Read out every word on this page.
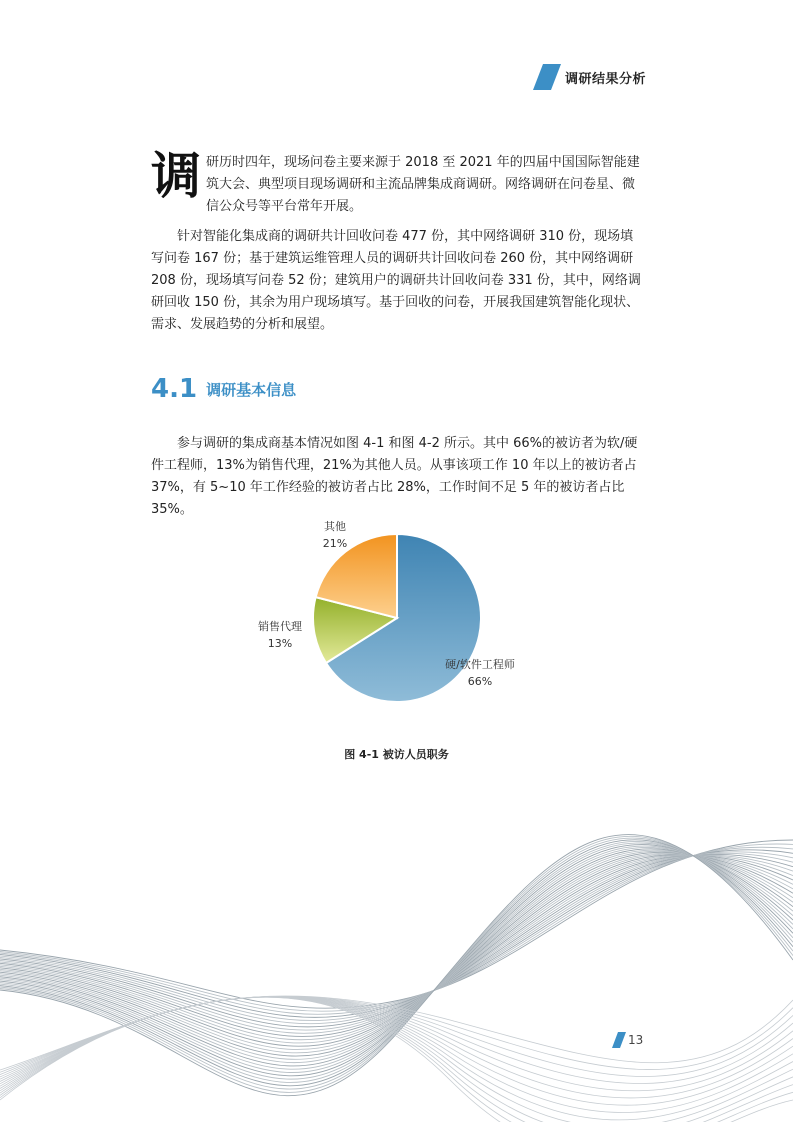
调研结果分析
调 研历时四年，现场问卷主要来源于 2018 至 2021 年的四届中国国际智能建筑大会、典型项目现场调研和主流品牌集成商调研。网络调研在问卷星、微信公众号等平台常年开展。

针对智能化集成商的调研共计回收问卷 477 份，其中网络调研 310 份，现场填写问卷 167 份；基于建筑运维管理人员的调研共计回收问卷 260 份，其中网络调研 208 份，现场填写问卷 52 份；建筑用户的调研共计回收问卷 331 份，其中，网络调研回收 150 份，其余为用户现场填写。基于回收的问卷，开展我国建筑智能化现状、需求、发展趋势的分析和展望。

4.1 调研基本信息

参与调研的集成商基本情况如图 4-1 和图 4-2 所示。其中 66%的被访者为软/硬件工程师，13%为销售代理，21%为其他人员。从事该项工作 10 年以上的被访者占 37%，有 5~10 年工作经验的被访者占比 28%，工作时间不足 5 年的被访者占比 35%。

硬/软件工程师
66%
销售代理
13%
其他
21%
图 4-1 被访人员职务
13
